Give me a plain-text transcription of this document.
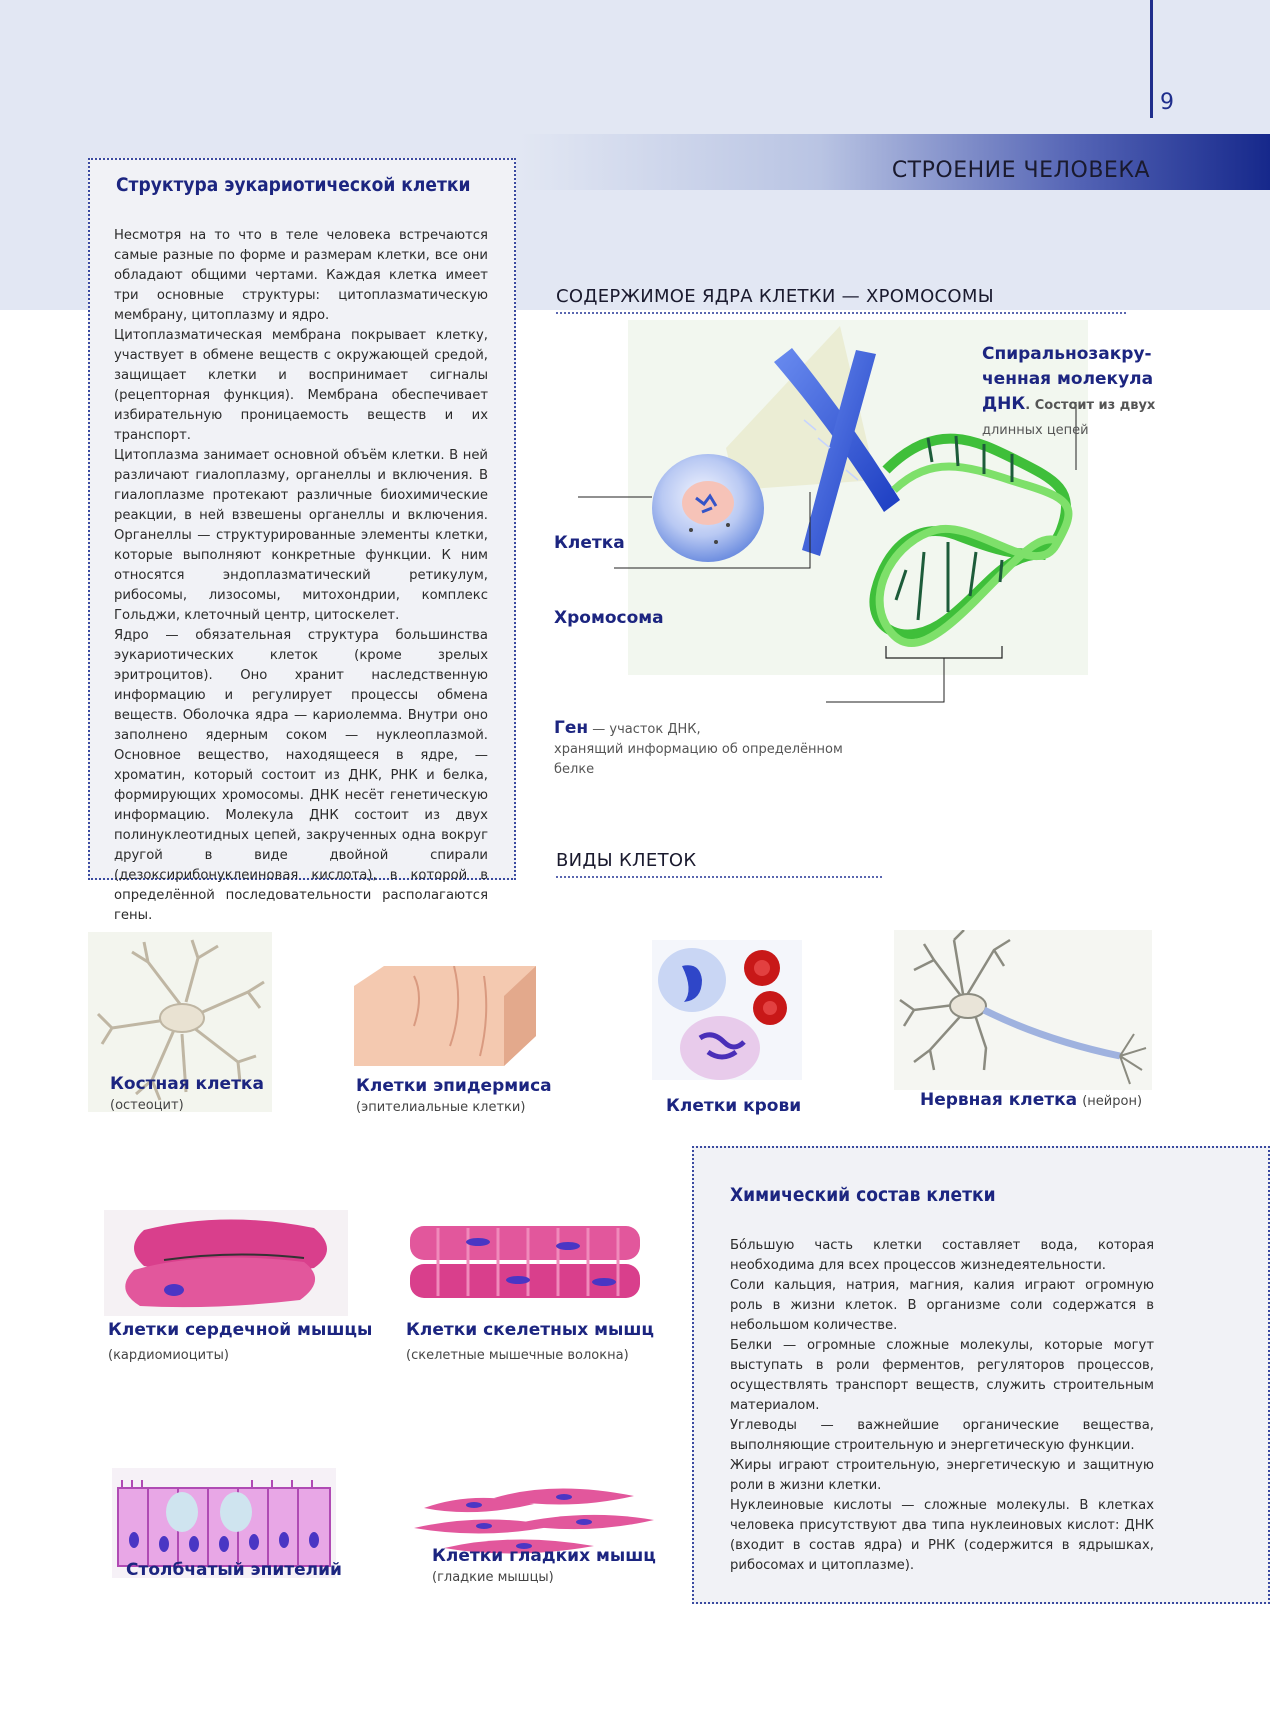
9
СТРОЕНИЕ ЧЕЛОВЕКА
Структура эукариотической клетки

Несмотря на то что в теле человека встречаются самые разные по форме и размерам клетки, все они обладают общими чертами. Каждая клетка имеет три основные структуры: цитоплазматическую мембрану, цитоплазму и ядро.

Цитоплазматическая мембрана покрывает клетку, участвует в обмене веществ с окружающей средой, защищает клетки и воспринимает сигналы (рецепторная функция). Мембрана обеспечивает избирательную проницаемость веществ и их транспорт.

Цитоплазма занимает основной объём клетки. В ней различают гиалоплазму, органеллы и включения. В гиалоплазме протекают различные биохимические реакции, в ней взвешены органеллы и включения. Органеллы — структурированные элементы клетки, которые выполняют конкретные функции. К ним относятся эндоплазматический ретикулум, рибосомы, лизосомы, митохондрии, комплекс Гольджи, клеточный центр, цитоскелет.

Ядро — обязательная структура большинства эукариотических клеток (кроме зрелых эритроцитов). Оно хранит наследственную информацию и регулирует процессы обмена веществ. Оболочка ядра — кариолемма. Внутри оно заполнено ядерным соком — нуклеоплазмой. Основное вещество, находящееся в ядре, — хроматин, который состоит из ДНК, РНК и белка, формирующих хромосомы. ДНК несёт генетическую информацию. Молекула ДНК состоит из двух полинуклеотидных цепей, закрученных одна вокруг другой в виде двойной спирали (дезоксирибонуклеиновая кислота), в которой в определённой последовательности располагаются гены.

СОДЕРЖИМОЕ ЯДРА КЛЕТКИ — ХРОМОСОМЫ
Спиральнозакру-
ченная молекула
ДНК. Состоит из двух
длинных цепей
Клетка
Хромосома
Ген — участок ДНК,
хранящий информацию об определённом
белке
ВИДЫ КЛЕТОК
Костная клетка
(остеоцит)
Клетки эпидермиса
(эпителиальные клетки)	Клетки крови	Нервная клетка (нейрон)
Клетки сердечной мышцы
(кардиомиоциты)
Клетки скелетных мышц
(скелетные мышечные волокна)
Столбчатый эпителий
Клетки гладких мышц
(гладкие мышцы)
Химический состав клетки

Бóльшую часть клетки составляет вода, которая необходима для всех процессов жизнедеятельности.

Соли кальция, натрия, магния, калия играют огромную роль в жизни клеток. В организме соли содержатся в небольшом количестве.

Белки — огромные сложные молекулы, которые могут выступать в роли ферментов, регуляторов процессов, осуществлять транспорт веществ, служить строительным материалом.

Углеводы — важнейшие органические вещества, выполняющие строительную и энергетическую функции.

Жиры играют строительную, энергетическую и защитную роли в жизни клетки.

Нуклеиновые кислоты — сложные молекулы. В клетках человека присутствуют два типа нуклеиновых кислот: ДНК (входит в состав ядра) и РНК (содержится в ядрышках, рибосомах и цитоплазме).
